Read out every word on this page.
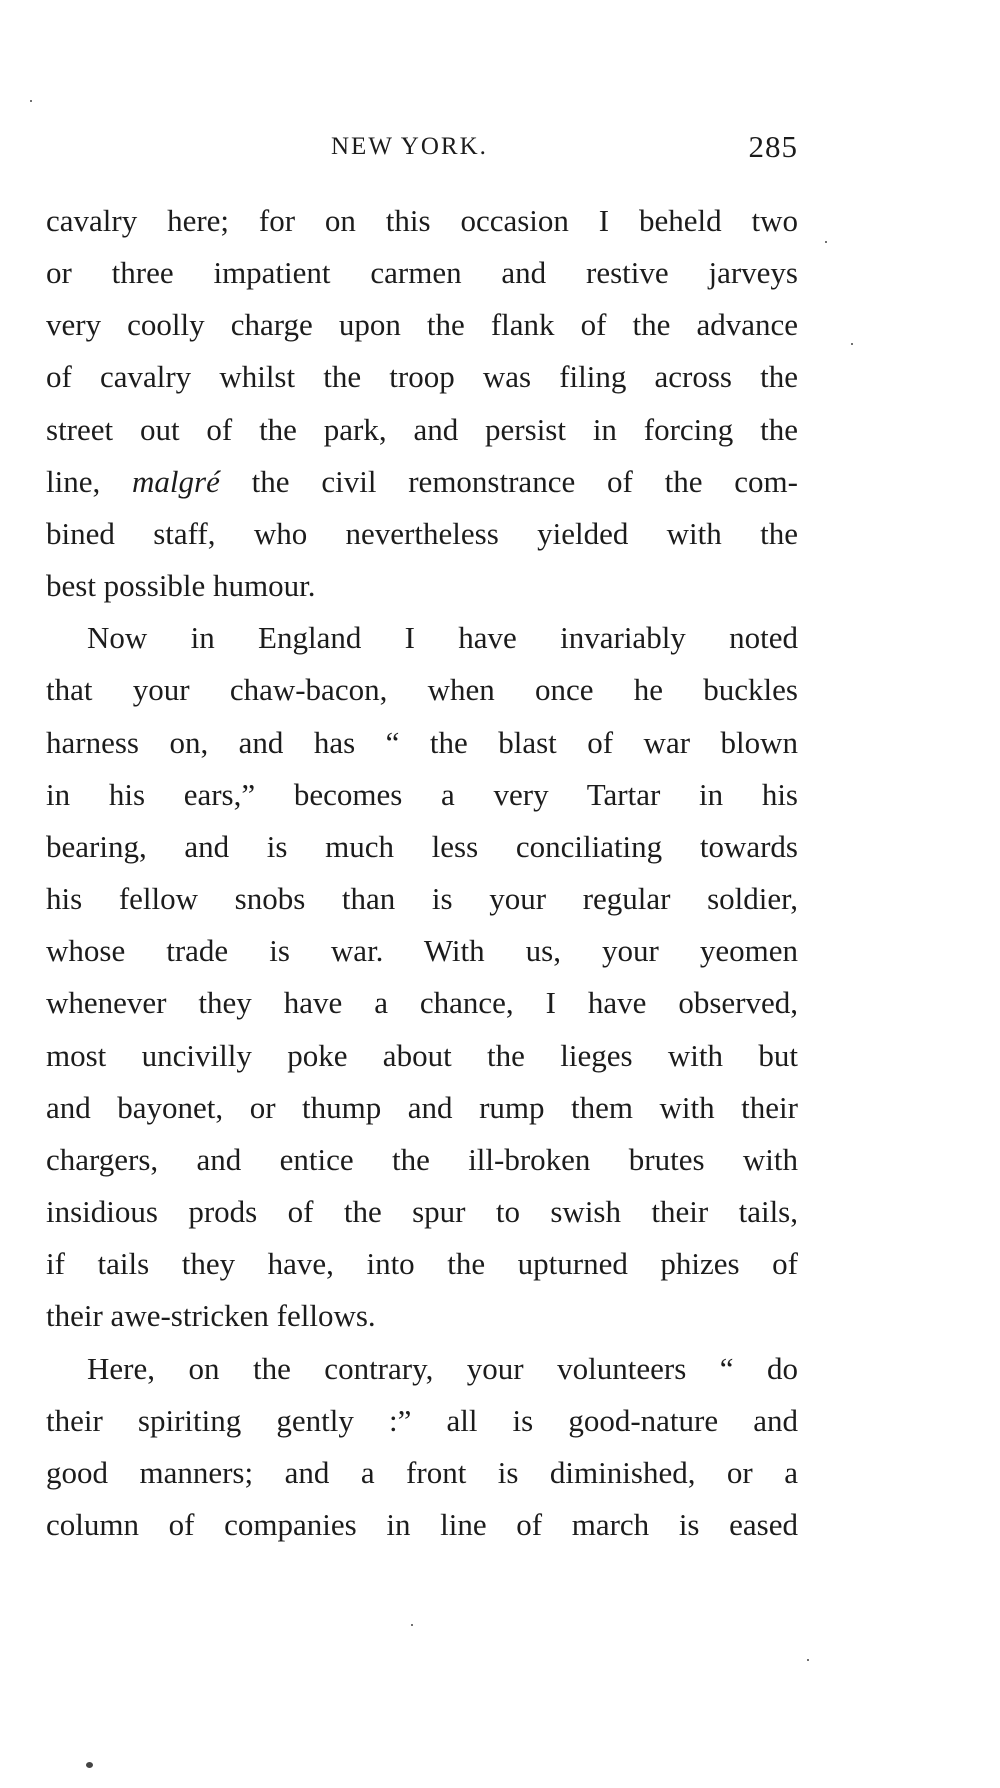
NEW YORK.	285
cavalry here; for on this occasion I beheld two
or three impatient carmen and restive jarveys
very coolly charge upon the flank of the advance
of cavalry whilst the troop was filing across the
street out of the park, and persist in forcing the
line, malgré the civil remonstrance of the com-
bined staff, who nevertheless yielded with the
best possible humour.
Now in England I have invariably noted
that your chaw-bacon, when once he buckles
harness on, and has “ the blast of war blown
in his ears,” becomes a very Tartar in his
bearing, and is much less conciliating towards
his fellow snobs than is your regular soldier,
whose trade is war. With us, your yeomen
whenever they have a chance, I have observed,
most uncivilly poke about the lieges with but
and bayonet, or thump and rump them with their
chargers, and entice the ill-broken brutes with
insidious prods of the spur to swish their tails,
if tails they have, into the upturned phizes of
their awe-stricken fellows.
Here, on the contrary, your volunteers “ do
their spiriting gently :” all is good-nature and
good manners; and a front is diminished, or a
column of companies in line of march is eased
